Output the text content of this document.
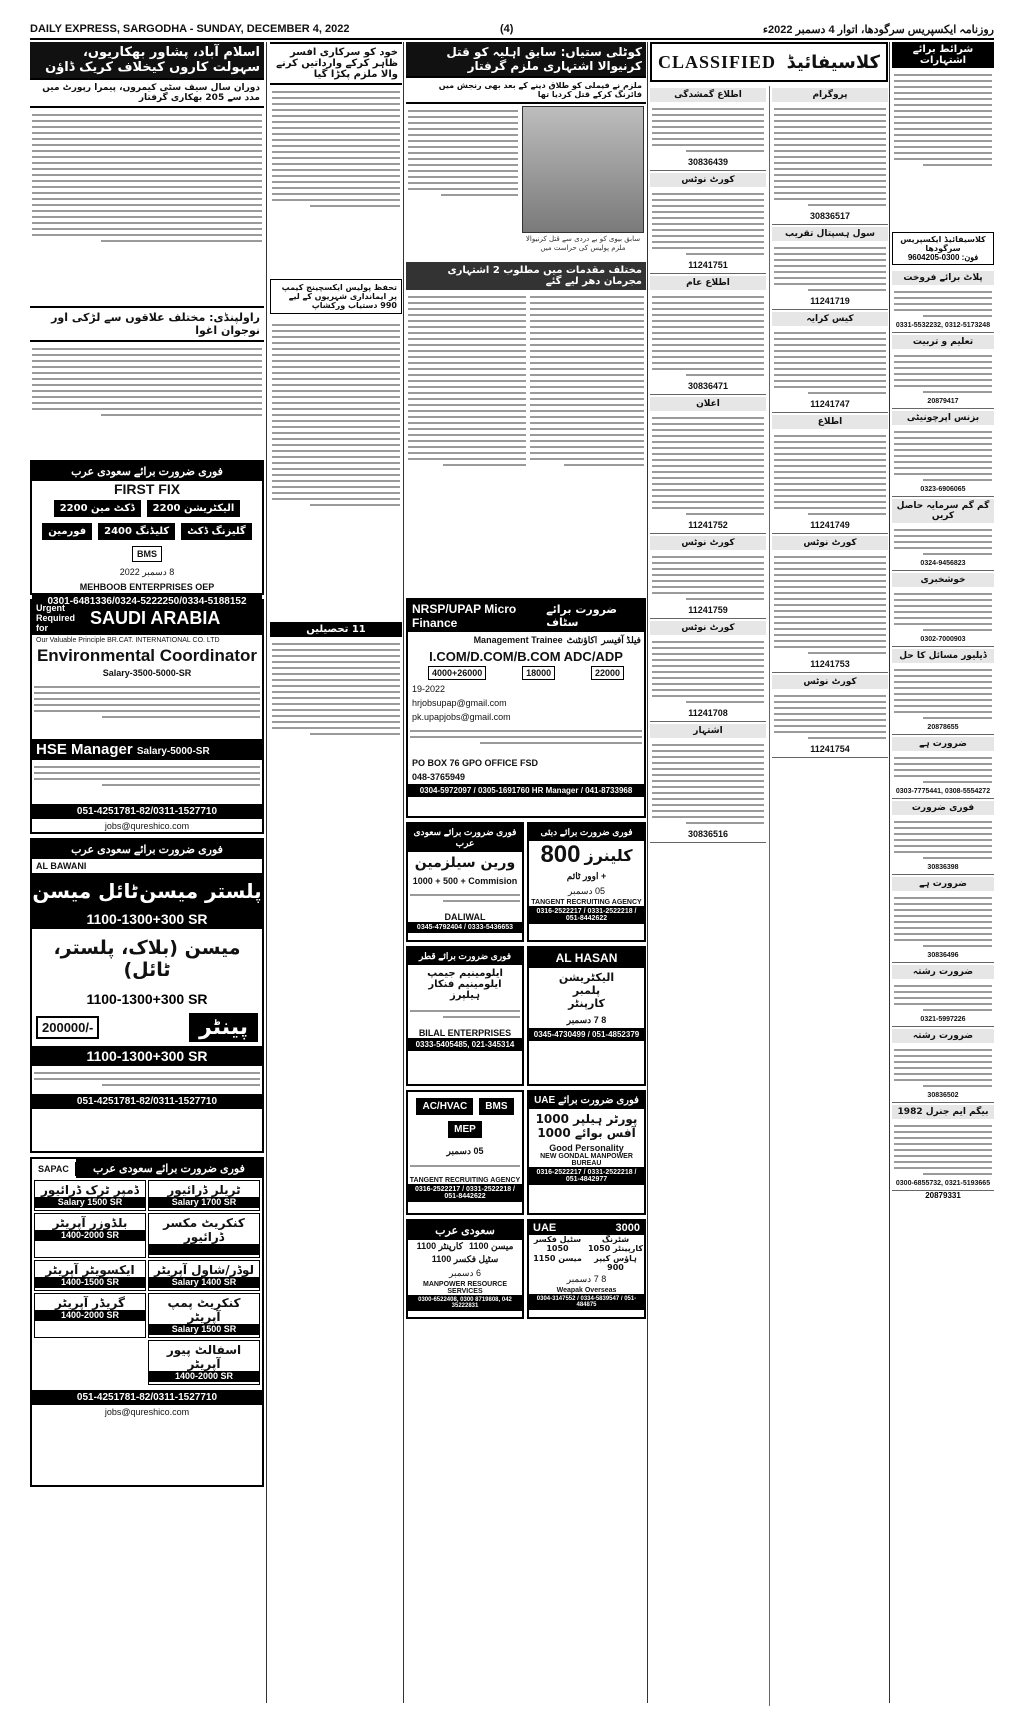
DAILY EXPRESS, SARGODHA - SUNDAY, DECEMBER 4, 2022	(4)	روزنامہ ایکسپریس سرگودھا، اتوار 4 دسمبر 2022ء
اسلام آباد، پشاور بھکاریوں، سہولت کاروں کیخلاف کریک ڈاؤن
دوران سال سیف سٹی کیمروں، پیمرا رپورٹ میں مدد سے 205 بھکاری گرفتار
راولپنڈی: مختلف علاقوں سے لڑکی اور نوجوان اغوا
فوری ضرورت برائے سعودی عرب
FIRST FIX
الیکٹریشن 2200
ڈکٹ مین 2200
گلیزنگ ڈکٹ
کلیڈنگ 2400
فورمین
BMS
8 دسمبر 2022
MEHBOOB ENTERPRISES OEP
0301-6481336/0324-5222250/0334-5188152
Urgent Required for
SAUDI ARABIA
Our Valuable Principle BR.CAT. INTERNATIONAL CO. LTD
Environmental Coordinator
Salary-3500-5000-SR
HSE Manager Salary-5000-SR
051-4251781-82/0311-1527710
jobs@qureshico.com
فوری ضرورت برائے سعودی عرب
AL BAWANI
پلستر میسن
ٹائل میسن
1100-1300+300 SR
میسن (بلاک، پلستر، ٹائل)
1100-1300+300 SR
200000/-	پینٹر
1100-1300+300 SR
051-4251781-82/0311-1527710
SAPAC	فوری ضرورت برائے سعودی عرب
ٹریلر ڈرائیور
Salary 1700 SR
ڈمپر ٹرک ڈرائیور
Salary 1500 SR
کنکریٹ مکسر ڈرائیور
بلڈوزر آپریٹر
1400-2000 SR
لوڈر/شاول آپریٹر
Salary 1400 SR
ایکسویٹر آپریٹر
1400-1500 SR
کنکریٹ پمپ آپریٹر
Salary 1500 SR
گریڈر آپریٹر
1400-2000 SR
اسفالٹ پیور آپریٹر
1400-2000 SR
051-4251781-82/0311-1527710
jobs@qureshico.com
خود کو سرکاری افسر ظاہر کرکے وارداتیں کرنے والا ملزم پکڑا گیا
تحفظ پولیس ایکسچینج کیمپ پر ایمانداری شہریوں کے لیے 990 دستیاب ورکشاپ
11 تحصیلیں
کوٹلی ستیاں: سابق اہلیہ کو قتل کرنیوالا اشتہاری ملزم گرفتار
ملزم نے فیملی کو طلاق دینے کے بعد بھی رنجش میں فائرنگ کرکے قتل کردیا تھا
سابق بیوی کو بے دردی سے قتل کرنیوالا ملزم پولیس کی حراست میں
مختلف مقدمات میں مطلوب 2 اشتہاری مجرمان دھر لیے گئے
NRSP/UPAP Micro Finance
ضرورت برائے سٹاف
فیلڈ آفیسر
اکاؤنٹنٹ
Management Trainee
I.COM/D.COM/B.COM ADC/ADP
4000+26000	18000	22000
19-2022
hrjobsupap@gmail.com
pk.upapjobs@gmail.com
PO BOX 76 GPO OFFICE FSD
048-3765949
0304-5972097 / 0305-1691760 HR Manager / 041-8733968
فوری ضرورت برائے سعودی عرب
ورین سیلزمین
1000 + 500 + Commision
DALIWAL
0345-4792404 / 0333-5436653
فوری ضرورت برائے قطر
ایلومینیم جیمپ
ایلومینیم فنکار
ہیلپرز
BILAL ENTERPRISES
0333-5405485, 021-345314
AC/HVAC	BMS
MEP
05 دسمبر
TANGENT RECRUITING AGENCY
0316-2522217 / 0331-2522218 / 051-8442622
سعودی عرب
میسن 1100
کارپنٹر 1100
سٹیل فکسر 1100
6 دسمبر
MANPOWER RESOURCE SERVICES
0300-6522408, 0300 8719808, 042 35222831
فوری ضرورت برائے دبئی
کلینرز
800
+ اوور ٹائم
05 دسمبر
TANGENT RECRUITING AGENCY
0316-2522217 / 0331-2522218 / 051-8442622
AL HASAN
الیکٹریشن
پلمبر
کارپنٹر
8 7 دسمبر
0345-4730499 / 051-4852379
فوری ضرورت برائے UAE
پورٹر ہیلپر 1000
آفس بوائے 1000
Good Personality
NEW GONDAL MANPOWER BUREAU
0316-2522217 / 0331-2522218 / 051-4842977
UAE	3000
شٹرنگ کارپینٹر 1050
سٹیل فکسر 1050
ہاؤس کیپر 900
میسن 1150
8 7 دسمبر
Weapak Overseas
0304-3147552 / 0334-5839547 / 051-484875
CLASSIFIED کلاسیفائیڈ
اطلاع گمشدگی
30836439
کورٹ نوٹس
11241751
اطلاع عام
30836471
اعلان
11241752
کورٹ نوٹس
11241759
کورٹ نوٹس
11241708
اشتہار
30836516
پروگرام
30836517
سول ہسپتال تقریب
11241719
کیس کرایہ
11241747
اطلاع
11241749
کورٹ نوٹس
11241753
کورٹ نوٹس
11241754
شرائط برائے اشتہارات
کلاسیفائیڈ ایکسپریس سرگودھا
فون: 0300-9604205
پلاٹ برائے فروخت
0331-5532232, 0312-5173248
تعلیم و تربیت
20879417
بزنس اپرچونیٹی
0323-6906065
گم گم سرمایہ حاصل کریں
0324-9456823
خوشخبری
0302-7000903
ڈیلیور مسائل کا حل
20878655
ضرورت ہے
0303-7775441, 0308-5554272
فوری ضرورت
30836398
ضرورت ہے
30836496
ضرورت رشتہ
0321-5997226
ضرورت رشتہ
30836502
بیگم ایم جنرل 1982
0300-6855732, 0321-5193665
20879331
